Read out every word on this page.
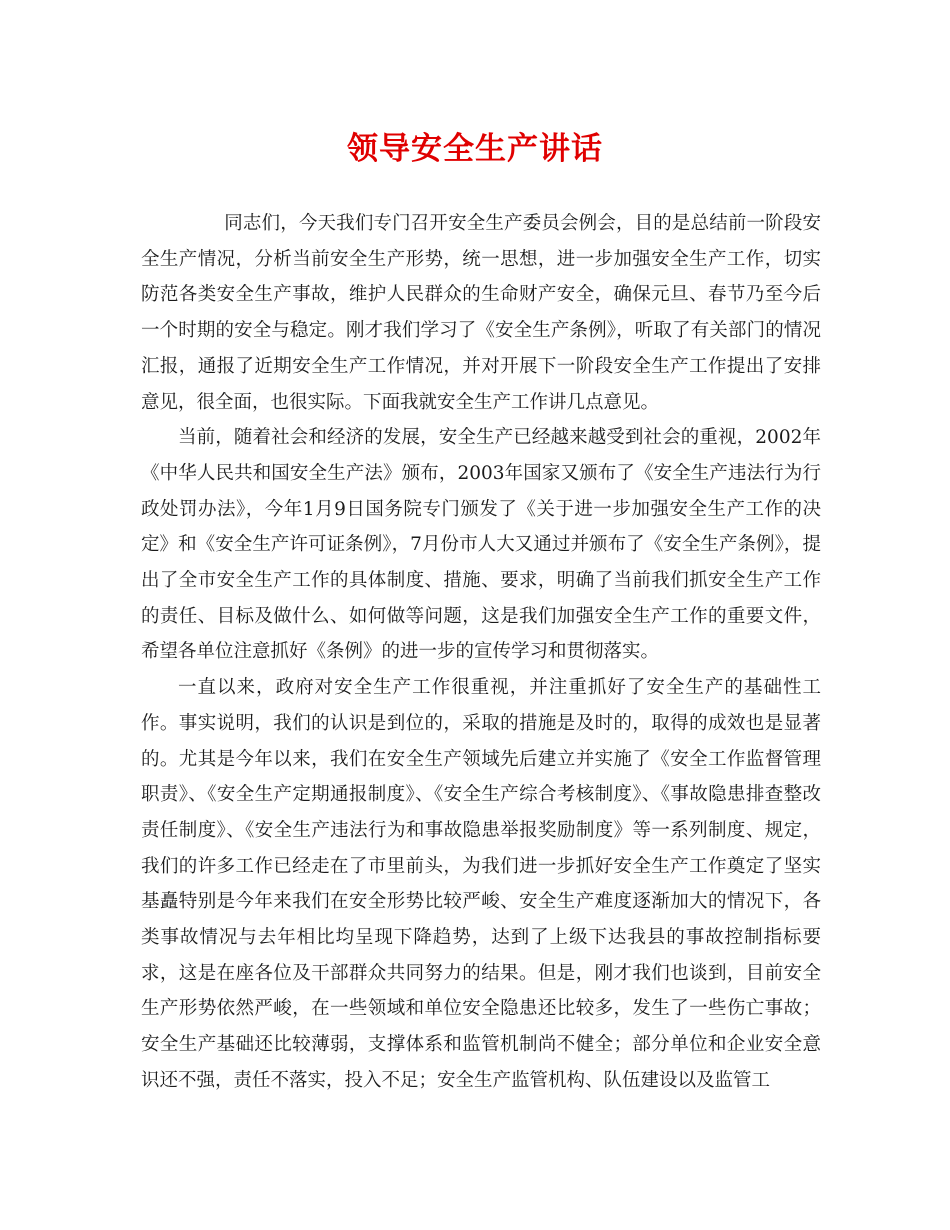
领导安全生产讲话

同志们，今天我们专门召开安全生产委员会例会，目的是总结前一阶段安全生产情况，分析当前安全生产形势，统一思想，进一步加强安全生产工作，切实防范各类安全生产事故，维护人民群众的生命财产安全，确保元旦、春节乃至今后一个时期的安全与稳定。刚才我们学习了《安全生产条例》，听取了有关部门的情况汇报，通报了近期安全生产工作情况，并对开展下一阶段安全生产工作提出了安排意见，很全面，也很实际。下面我就安全生产工作讲几点意见。

当前，随着社会和经济的发展，安全生产已经越来越受到社会的重视，2002年《中华人民共和国安全生产法》颁布，2003年国家又颁布了《安全生产违法行为行政处罚办法》，今年1月9日国务院专门颁发了《关于进一步加强安全生产工作的决定》和《安全生产许可证条例》，7月份市人大又通过并颁布了《安全生产条例》，提出了全市安全生产工作的具体制度、措施、要求，明确了当前我们抓安全生产工作的责任、目标及做什么、如何做等问题，这是我们加强安全生产工作的重要文件，希望各单位注意抓好《条例》的进一步的宣传学习和贯彻落实。

一直以来，政府对安全生产工作很重视，并注重抓好了安全生产的基础性工作。事实说明，我们的认识是到位的，采取的措施是及时的，取得的成效也是显著的。尤其是今年以来，我们在安全生产领域先后建立并实施了《安全工作监督管理职责》、《安全生产定期通报制度》、《安全生产综合考核制度》、《事故隐患排查整改责任制度》、《安全生产违法行为和事故隐患举报奖励制度》等一系列制度、规定，我们的许多工作已经走在了市里前头，为我们进一步抓好安全生产工作奠定了坚实基矗特别是今年来我们在安全形势比较严峻、安全生产难度逐渐加大的情况下，各类事故情况与去年相比均呈现下降趋势，达到了上级下达我县的事故控制指标要求，这是在座各位及干部群众共同努力的结果。但是，刚才我们也谈到，目前安全生产形势依然严峻，在一些领域和单位安全隐患还比较多，发生了一些伤亡事故；安全生产基础还比较薄弱，支撑体系和监管机制尚不健全；部分单位和企业安全意识还不强，责任不落实，投入不足；安全生产监管机构、队伍建设以及监管工
